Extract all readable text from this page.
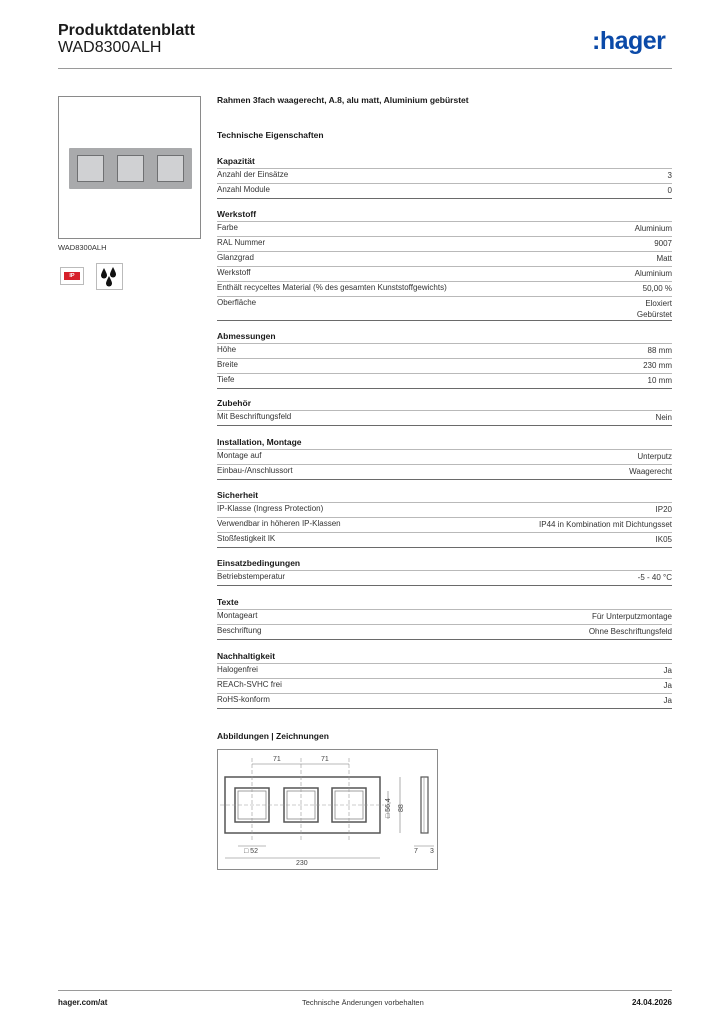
Produktdatenblatt
WAD8300ALH	:hager
WAD8300ALH
IP
Rahmen 3fach waagerecht, A.8, alu matt, Aluminium gebürstet
Technische Eigenschaften
Kapazität
Anzahl der Einsätze	3
Anzahl Module	0
Werkstoff
Farbe	Aluminium
RAL Nummer	9007
Glanzgrad	Matt
Werkstoff	Aluminium
Enthält recyceltes Material (% des gesamten Kunststoffgewichts)	50,00 %
Oberfläche	Eloxiert
Gebürstet
Abmessungen
Höhe	88 mm
Breite	230 mm
Tiefe	10 mm
Zubehör
Mit Beschriftungsfeld	Nein
Installation, Montage
Montage auf	Unterputz
Einbau-/Anschlussort	Waagerecht
Sicherheit
IP-Klasse (Ingress Protection)	IP20
Verwendbar in höheren IP-Klassen	IP44 in Kombination mit Dichtungsset
Stoßfestigkeit IK	IK05
Einsatzbedingungen
Betriebstemperatur	-5 - 40 °C
Texte
Montageart	Für Unterputzmontage
Beschriftung	Ohne Beschriftungsfeld
Nachhaltigkeit
Halogenfrei	Ja
REACh-SVHC frei	Ja
RoHS-konform	Ja
Abbildungen | Zeichnungen
71	71
□ 56,4 88
□ 52
230
7 3
hager.com/at	Technische Änderungen vorbehalten	24.04.2026
